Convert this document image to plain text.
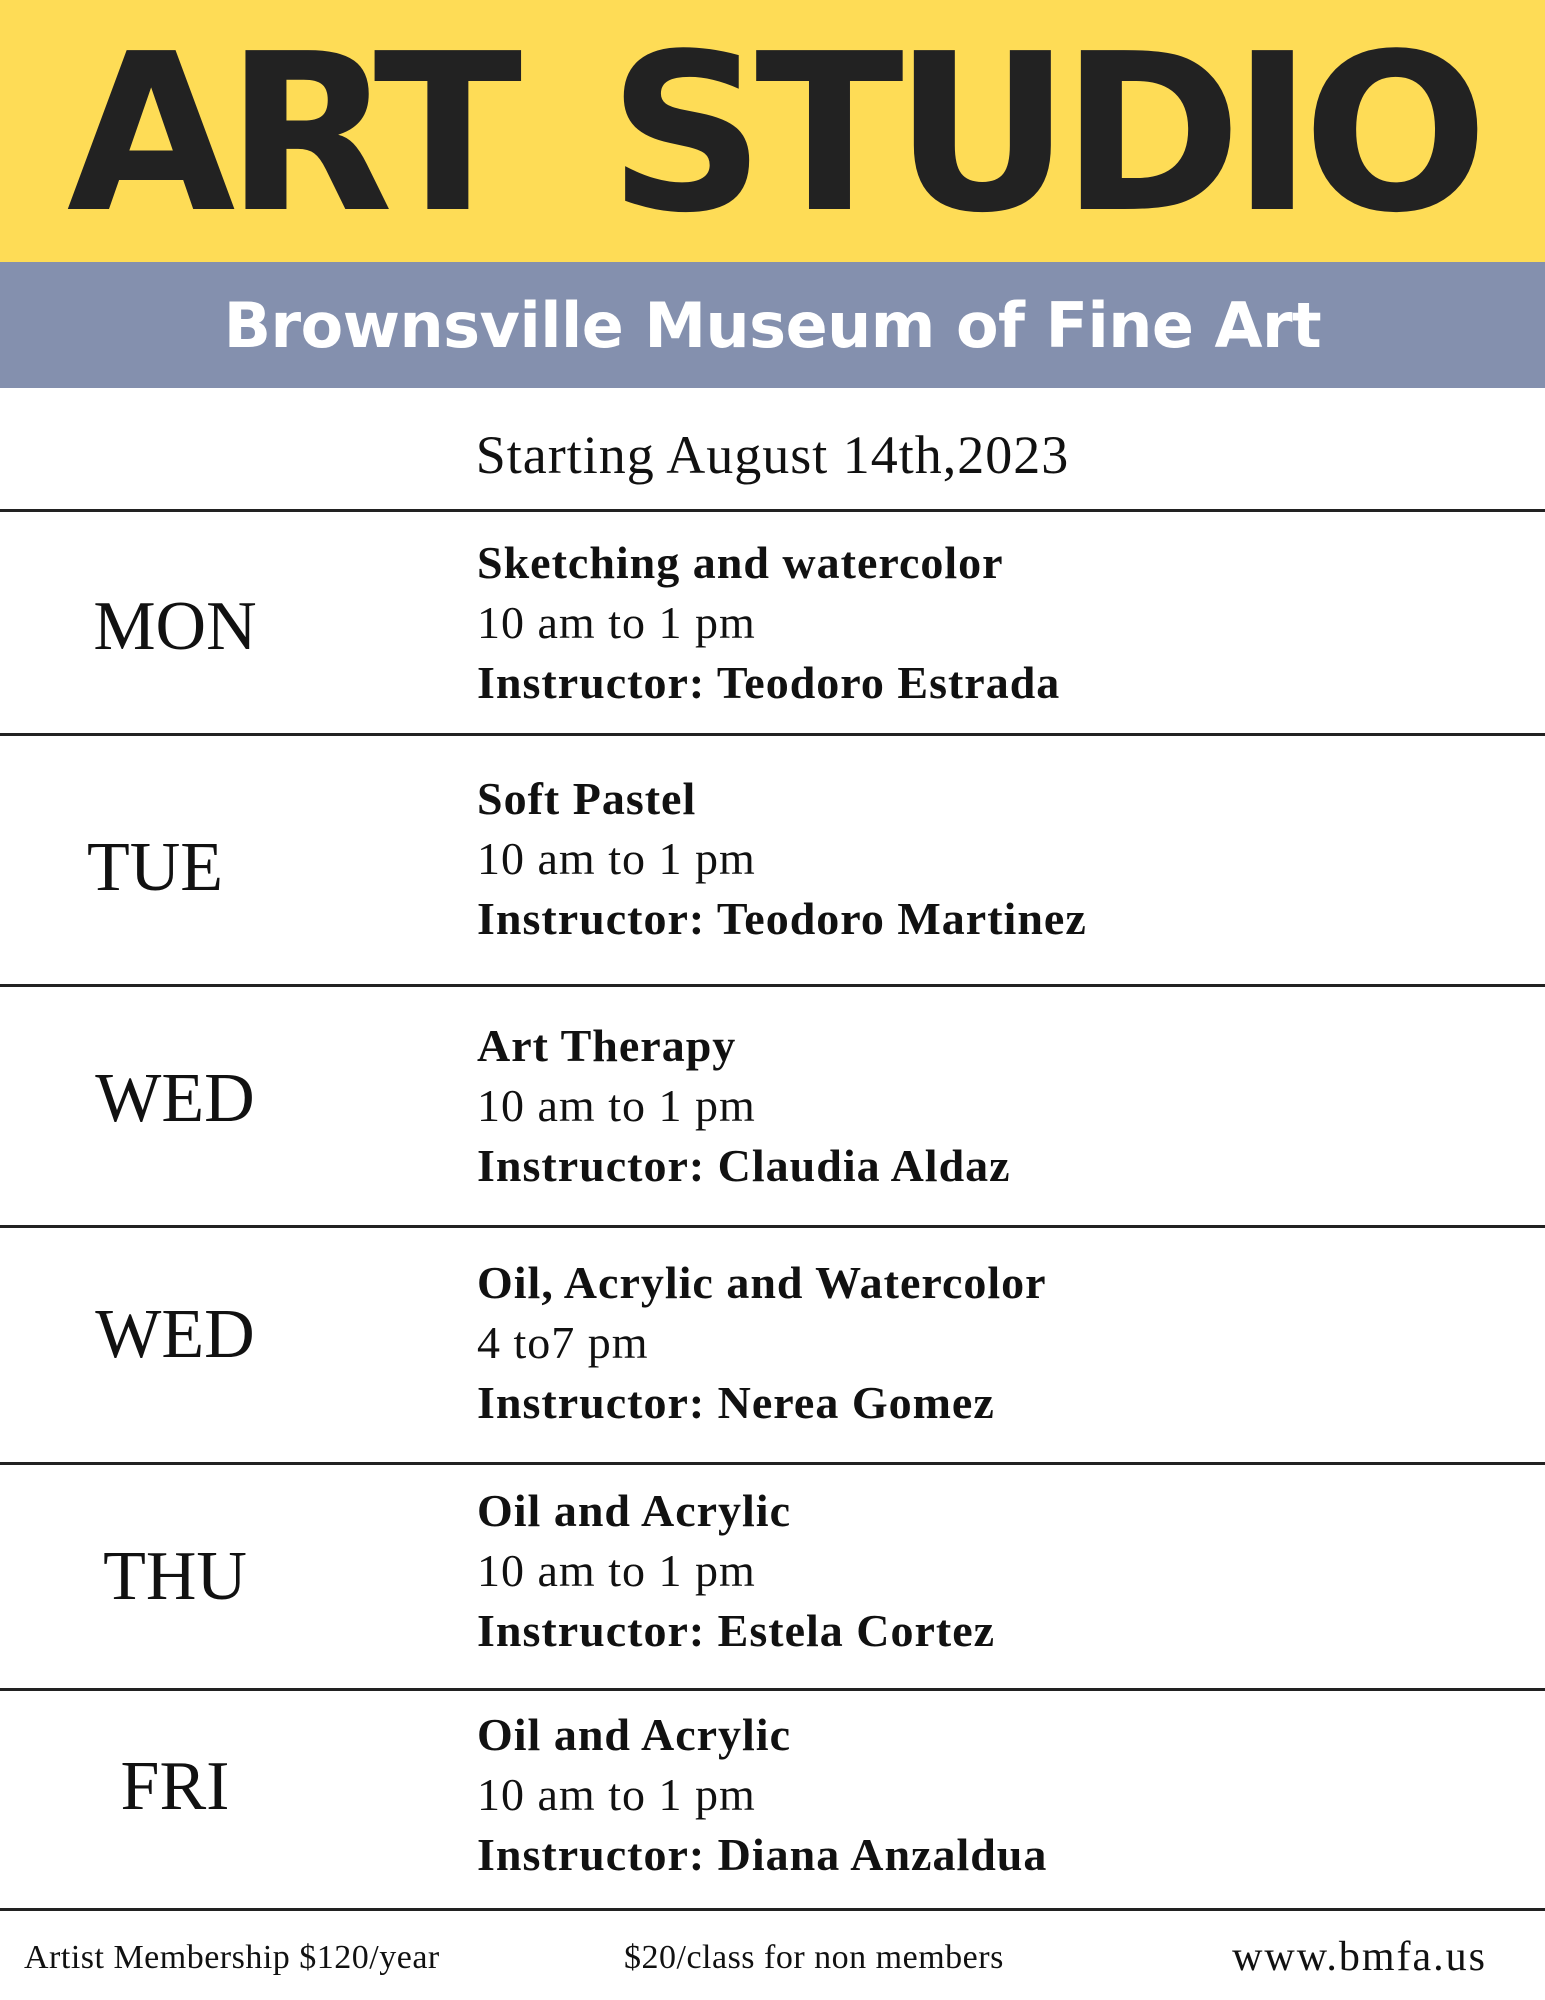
ART STUDIO
Brownsville Museum of Fine Art
Starting August 14th,2023
MON
Sketching and watercolor
10 am to 1 pm
Instructor: Teodoro Estrada
TUE
Soft Pastel
10 am to 1 pm
Instructor: Teodoro Martinez
WED
Art Therapy
10 am to 1 pm
Instructor: Claudia Aldaz
WED
Oil, Acrylic and Watercolor
4 to7 pm
Instructor: Nerea Gomez
THU
Oil and Acrylic
10 am to 1 pm
Instructor: Estela Cortez
FRI
Oil and Acrylic
10 am to 1 pm
Instructor: Diana Anzaldua
Artist Membership $120/year	$20/class for non members	www.bmfa.us
